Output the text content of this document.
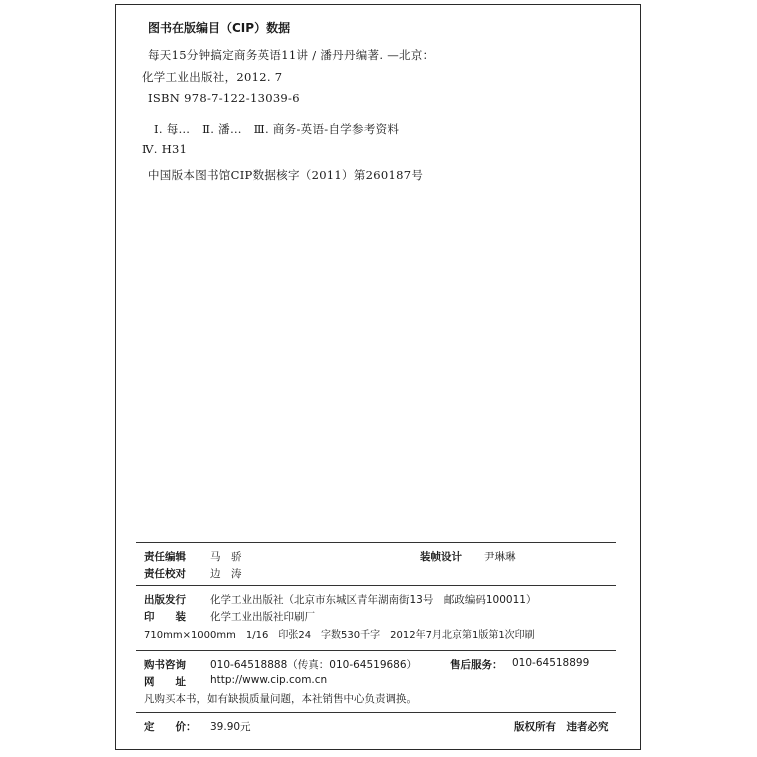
图书在版编目（CIP）数据
每天15分钟搞定商务英语11讲 / 潘丹丹编著. —北京：
化学工业出版社，2012. 7
ISBN 978-7-122-13039-6
Ⅰ. 每…　Ⅱ. 潘…　Ⅲ. 商务-英语-自学参考资料
Ⅳ. H31
中国版本图书馆CIP数据核字（2011）第260187号
责任编辑 马　骄	装帧设计 尹琳琳
责任校对 边　涛
出版发行 化学工业出版社（北京市东城区青年湖南街13号　邮政编码100011）
印　　装 化学工业出版社印刷厂
710mm×1000mm　1/16　印张24　字数530千字　2012年7月北京第1版第1次印刷
购书咨询 010-64518888（传真：010-64519686）	售后服务： 010-64518899
网　　址 http://www.cip.com.cn
凡购买本书，如有缺损质量问题，本社销售中心负责调换。
定　　价： 39.90元	版权所有　违者必究
